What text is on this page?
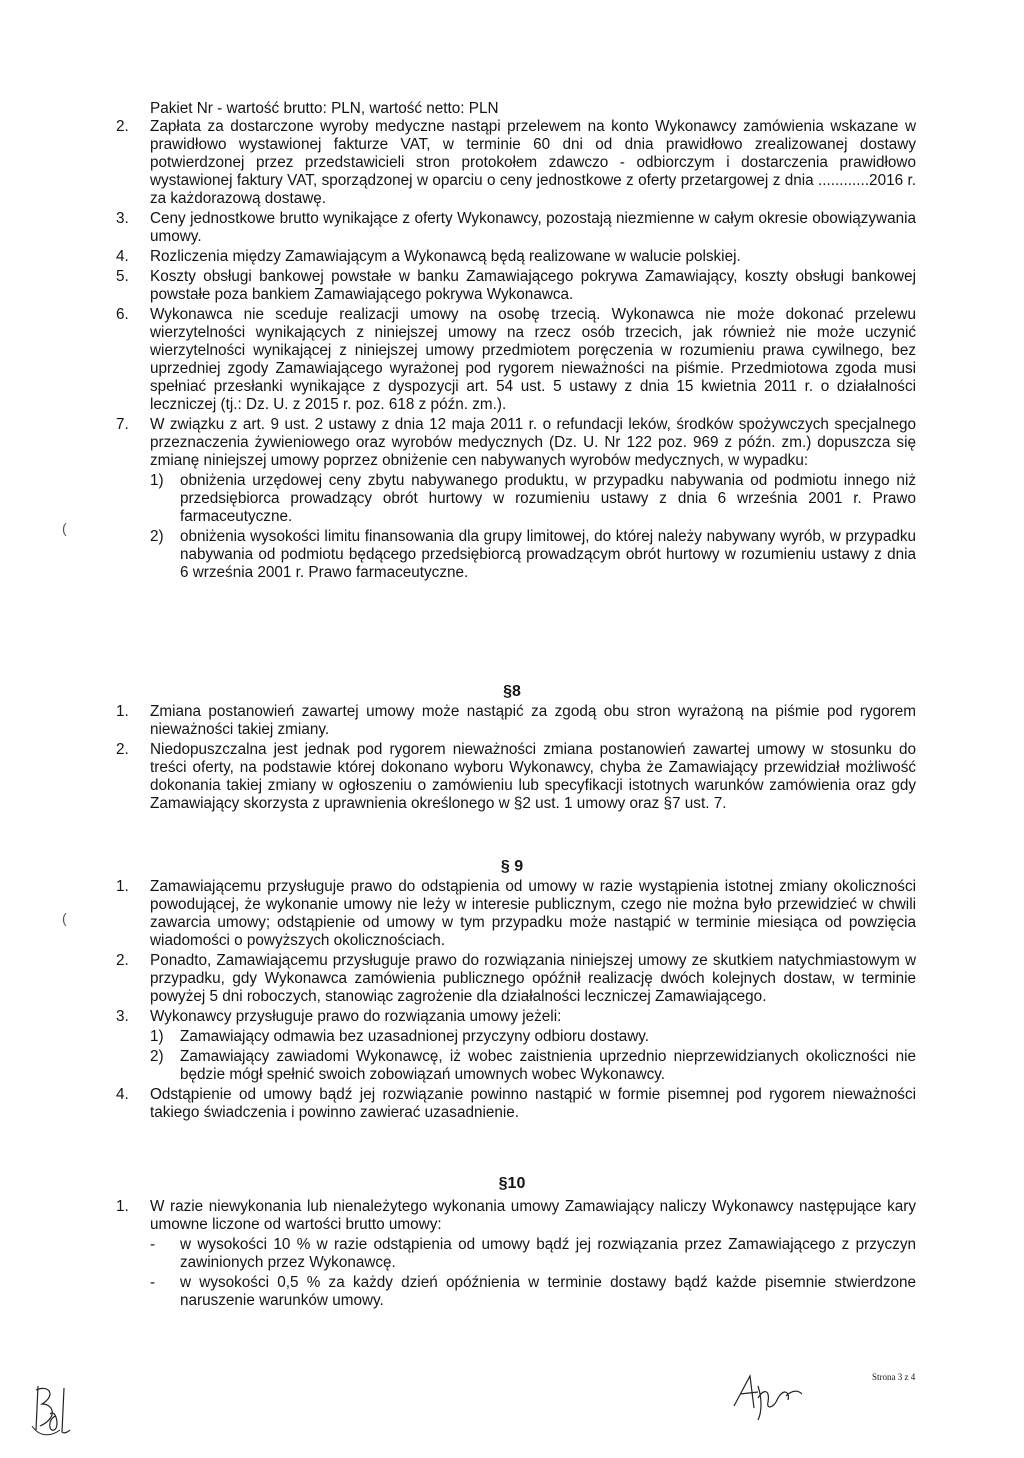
Pakiet Nr - wartość brutto: PLN, wartość netto: PLN
2.	Zapłata za dostarczone wyroby medyczne nastąpi przelewem na konto Wykonawcy zamówienia wskazane w prawidłowo wystawionej fakturze VAT, w terminie 60 dni od dnia prawidłowo zrealizowanej dostawy potwierdzonej przez przedstawicieli stron protokołem zdawczo - odbiorczym i dostarczenia prawidłowo wystawionej faktury VAT, sporządzonej w oparciu o ceny jednostkowe z oferty przetargowej z dnia ............2016 r. za każdorazową dostawę.
3.	Ceny jednostkowe brutto wynikające z oferty Wykonawcy, pozostają niezmienne w całym okresie obowiązywania umowy.
4.	Rozliczenia między Zamawiającym a Wykonawcą będą realizowane w walucie polskiej.
5.	Koszty obsługi bankowej powstałe w banku Zamawiającego pokrywa Zamawiający, koszty obsługi bankowej powstałe poza bankiem Zamawiającego pokrywa Wykonawca.
6.	Wykonawca nie sceduje realizacji umowy na osobę trzecią. Wykonawca nie może dokonać przelewu wierzytelności wynikających z niniejszej umowy na rzecz osób trzecich, jak również nie może uczynić wierzytelności wynikającej z niniejszej umowy przedmiotem poręczenia w rozumieniu prawa cywilnego, bez uprzedniej zgody Zamawiającego wyrażonej pod rygorem nieważności na piśmie. Przedmiotowa zgoda musi spełniać przesłanki wynikające z dyspozycji art. 54 ust. 5 ustawy z dnia 15 kwietnia 2011 r. o działalności leczniczej (tj.: Dz. U. z 2015 r. poz. 618 z późn. zm.).
7.	W związku z art. 9 ust. 2 ustawy z dnia 12 maja 2011 r. o refundacji leków, środków spożywczych specjalnego przeznaczenia żywieniowego oraz wyrobów medycznych (Dz. U. Nr 122 poz. 969 z późn. zm.) dopuszcza się zmianę niniejszej umowy poprzez obniżenie cen nabywanych wyrobów medycznych, w wypadku:
1)	obniżenia urzędowej ceny zbytu nabywanego produktu, w przypadku nabywania od podmiotu innego niż przedsiębiorca prowadzący obrót hurtowy w rozumieniu ustawy z dnia 6 września 2001 r. Prawo farmaceutyczne.
2)	obniżenia wysokości limitu finansowania dla grupy limitowej, do której należy nabywany wyrób, w przypadku nabywania od podmiotu będącego przedsiębiorcą prowadzącym obrót hurtowy w rozumieniu ustawy z dnia 6 września 2001 r. Prawo farmaceutyczne.
§8
1.	Zmiana postanowień zawartej umowy może nastąpić za zgodą obu stron wyrażoną na piśmie pod rygorem nieważności takiej zmiany.
2.	Niedopuszczalna jest jednak pod rygorem nieważności zmiana postanowień zawartej umowy w stosunku do treści oferty, na podstawie której dokonano wyboru Wykonawcy, chyba że Zamawiający przewidział możliwość dokonania takiej zmiany w ogłoszeniu o zamówieniu lub specyfikacji istotnych warunków zamówienia oraz gdy Zamawiający skorzysta z uprawnienia określonego w §2 ust. 1 umowy oraz §7 ust. 7.
§ 9
1.	Zamawiającemu przysługuje prawo do odstąpienia od umowy w razie wystąpienia istotnej zmiany okoliczności powodującej, że wykonanie umowy nie leży w interesie publicznym, czego nie można było przewidzieć w chwili zawarcia umowy; odstąpienie od umowy w tym przypadku może nastąpić w terminie miesiąca od powzięcia wiadomości o powyższych okolicznościach.
2.	Ponadto, Zamawiającemu przysługuje prawo do rozwiązania niniejszej umowy ze skutkiem natychmiastowym w przypadku, gdy Wykonawca zamówienia publicznego opóźnił realizację dwóch kolejnych dostaw, w terminie powyżej 5 dni roboczych, stanowiąc zagrożenie dla działalności leczniczej Zamawiającego.
3.	Wykonawcy przysługuje prawo do rozwiązania umowy jeżeli:
1)	Zamawiający odmawia bez uzasadnionej przyczyny odbioru dostawy.
2)	Zamawiający zawiadomi Wykonawcę, iż wobec zaistnienia uprzednio nieprzewidzianych okoliczności nie będzie mógł spełnić swoich zobowiązań umownych wobec Wykonawcy.
4.	Odstąpienie od umowy bądź jej rozwiązanie powinno nastąpić w formie pisemnej pod rygorem nieważności takiego świadczenia i powinno zawierać uzasadnienie.
§10
1.	W razie niewykonania lub nienależytego wykonania umowy Zamawiający naliczy Wykonawcy następujące kary umowne liczone od wartości brutto umowy:
-	w wysokości 10 % w razie odstąpienia od umowy bądź jej rozwiązania przez Zamawiającego z przyczyn zawinionych przez Wykonawcę.
-	w wysokości 0,5 % za każdy dzień opóźnienia w terminie dostawy bądź każde pisemnie stwierdzone naruszenie warunków umowy.
(
(
Strona 3 z 4
